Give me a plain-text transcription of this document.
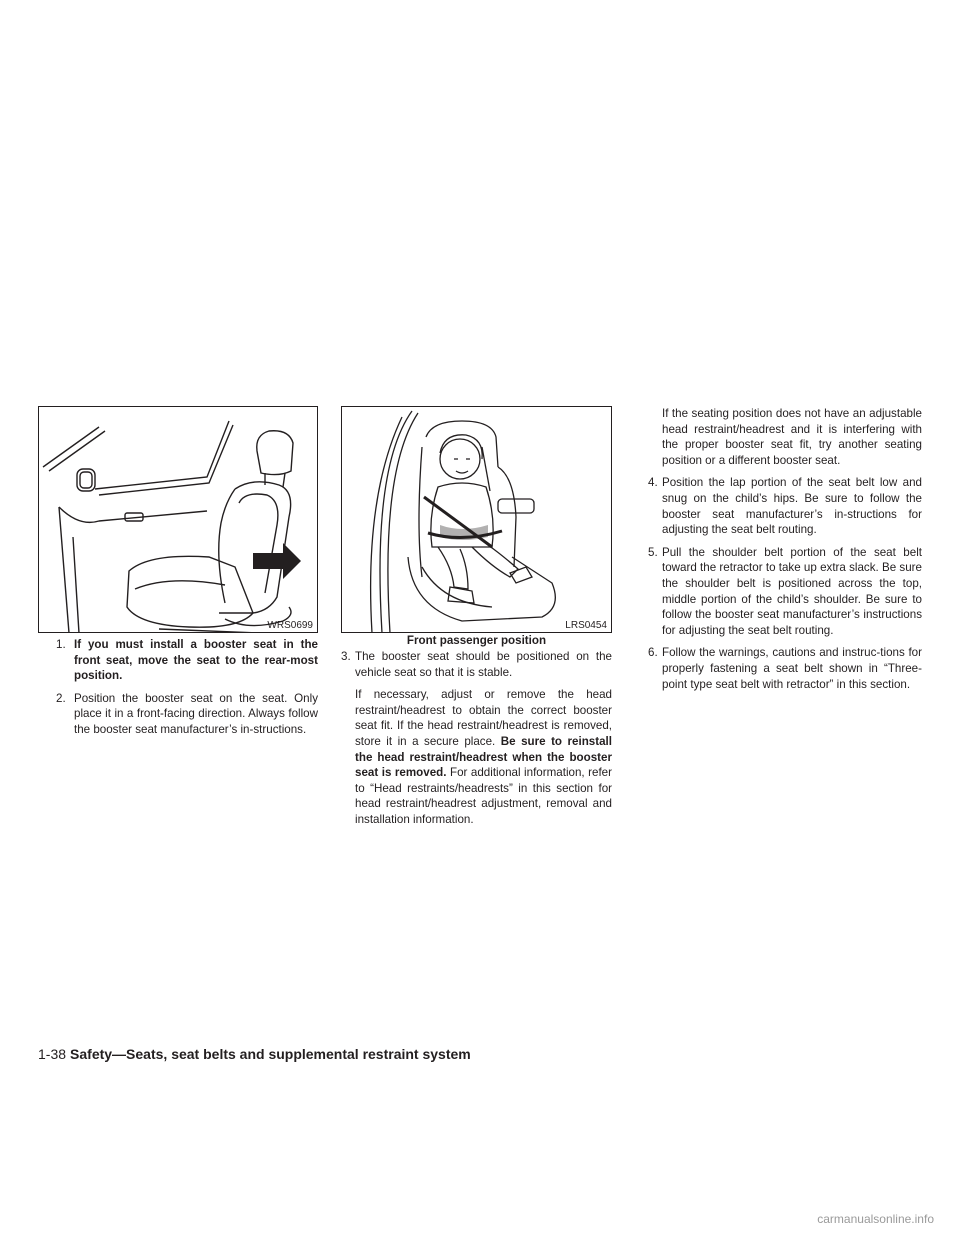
WRS0699
1. If you must install a booster seat in the front seat, move the seat to the rear-most position.
2. Position the booster seat on the seat. Only place it in a front-facing direction. Always follow the booster seat manufacturer’s in-structions.
LRS0454
Front passenger position
3. The booster seat should be positioned on the vehicle seat so that it is stable.

If necessary, adjust or remove the head restraint/headrest to obtain the correct booster seat fit. If the head restraint/headrest is removed, store it in a secure place. Be sure to reinstall the head restraint/headrest when the booster seat is removed. For additional information, refer to “Head restraints/headrests” in this section for head restraint/headrest adjustment, removal and installation information.

If the seating position does not have an adjustable head restraint/headrest and it is interfering with the proper booster seat fit, try another seating position or a different booster seat.

4. Position the lap portion of the seat belt low and snug on the child’s hips. Be sure to follow the booster seat manufacturer’s in-structions for adjusting the seat belt routing.
5. Pull the shoulder belt portion of the seat belt toward the retractor to take up extra slack. Be sure the shoulder belt is positioned across the top, middle portion of the child’s shoulder. Be sure to follow the booster seat manufacturer’s instructions for adjusting the seat belt routing.
6. Follow the warnings, cautions and instruc-tions for properly fastening a seat belt shown in “Three-point type seat belt with retractor” in this section.
1-38 Safety—Seats, seat belts and supplemental restraint system
carmanualsonline.info
